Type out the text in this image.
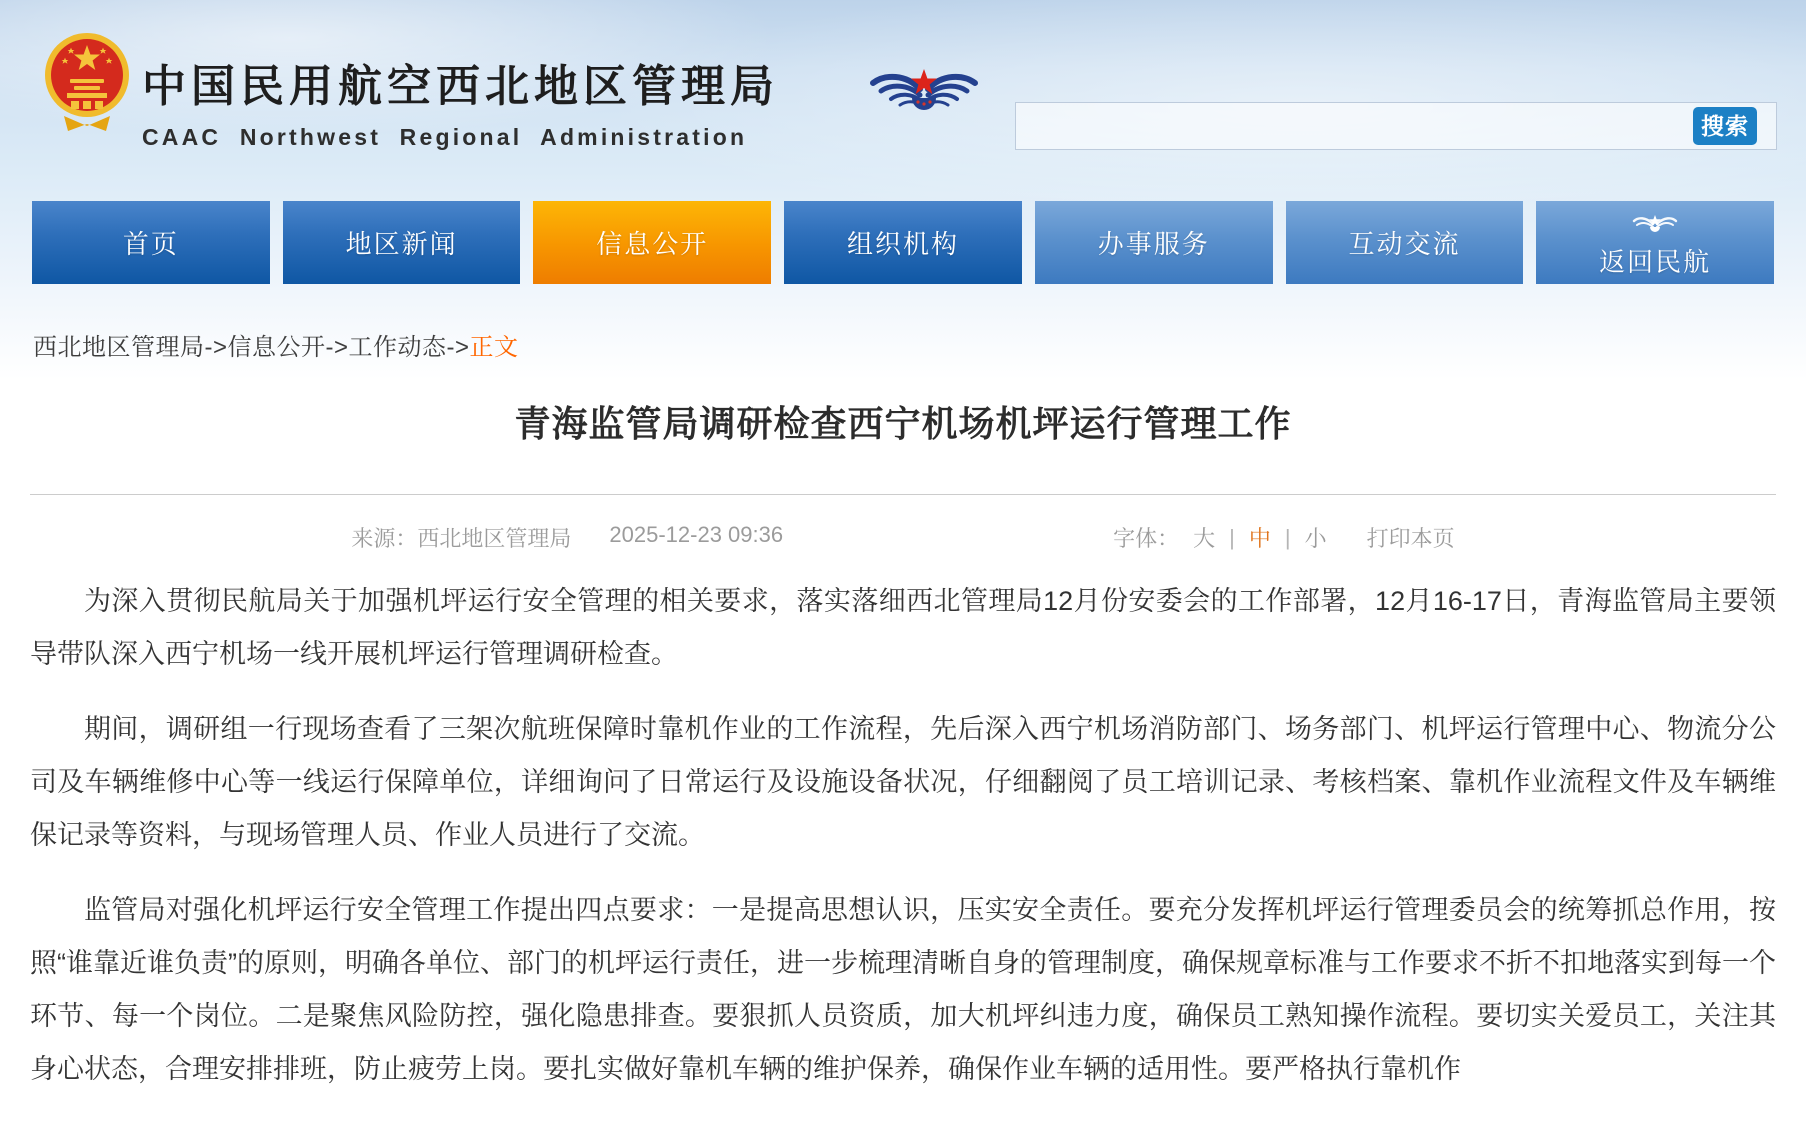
中国民用航空西北地区管理局
CAAC Northwest Regional Administration	搜索
首页	地区新闻	信息公开	组织机构	办事服务	互动交流
返回民航
西北地区管理局->信息公开->工作动态->正文
青海监管局调研检查西宁机场机坪运行管理工作
来源：西北地区管理局 2025-12-23 09:36	字体： 大 | 中 | 小 打印本页

为深入贯彻民航局关于加强机坪运行安全管理的相关要求，落实落细西北管理局12月份安委会的工作部署，12月16-17日，青海监管局主要领导带队深入西宁机场一线开展机坪运行管理调研检查。

期间，调研组一行现场查看了三架次航班保障时靠机作业的工作流程，先后深入西宁机场消防部门、场务部门、机坪运行管理中心、物流分公司及车辆维修中心等一线运行保障单位，详细询问了日常运行及设施设备状况，仔细翻阅了员工培训记录、考核档案、靠机作业流程文件及车辆维保记录等资料，与现场管理人员、作业人员进行了交流。

监管局对强化机坪运行安全管理工作提出四点要求：一是提高思想认识，压实安全责任。要充分发挥机坪运行管理委员会的统筹抓总作用，按照“谁靠近谁负责”的原则，明确各单位、部门的机坪运行责任，进一步梳理清晰自身的管理制度，确保规章标准与工作要求不折不扣地落实到每一个环节、每一个岗位。二是聚焦风险防控，强化隐患排查。要狠抓人员资质，加大机坪纠违力度，确保员工熟知操作流程。要切实关爱员工，关注其身心状态，合理安排排班，防止疲劳上岗。要扎实做好靠机车辆的维护保养，确保作业车辆的适用性。要严格执行靠机作
